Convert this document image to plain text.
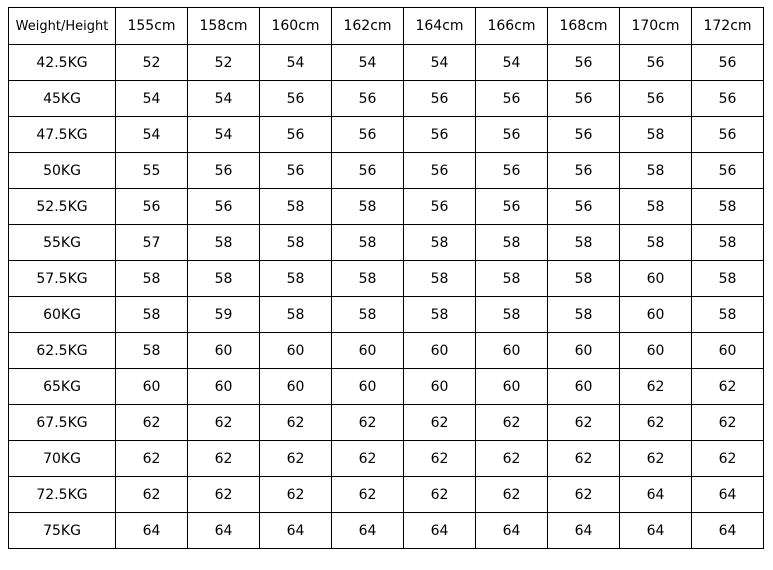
Weight/Height	155cm	158cm	160cm	162cm	164cm	166cm	168cm	170cm	172cm
42.5KG	52	52	54	54	54	54	56	56	56
45KG	54	54	56	56	56	56	56	56	56
47.5KG	54	54	56	56	56	56	56	58	56
50KG	55	56	56	56	56	56	56	58	56
52.5KG	56	56	58	58	56	56	56	58	58
55KG	57	58	58	58	58	58	58	58	58
57.5KG	58	58	58	58	58	58	58	60	58
60KG	58	59	58	58	58	58	58	60	58
62.5KG	58	60	60	60	60	60	60	60	60
65KG	60	60	60	60	60	60	60	62	62
67.5KG	62	62	62	62	62	62	62	62	62
70KG	62	62	62	62	62	62	62	62	62
72.5KG	62	62	62	62	62	62	62	64	64
75KG	64	64	64	64	64	64	64	64	64
